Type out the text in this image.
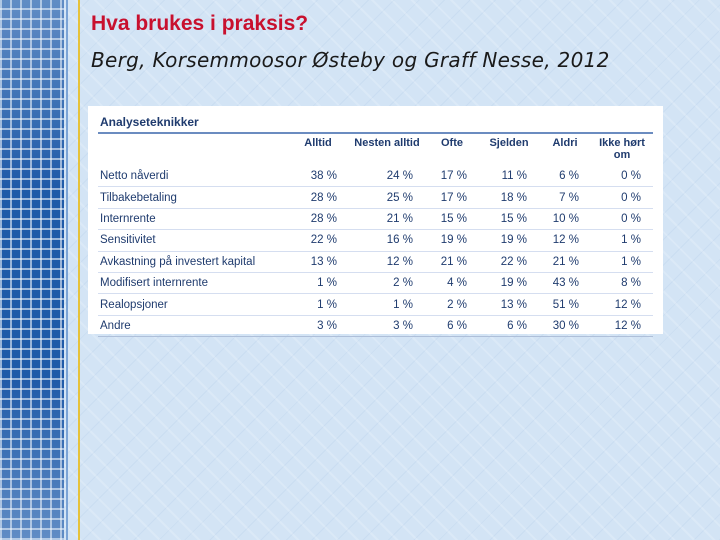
Hva brukes i praksis?
Berg, Korsemmoosor Østeby og Graff Nesse, 2012
Analyseteknikker
	Alltid	Nesten alltid	Ofte	Sjelden	Aldri	Ikke hørt om
Netto nåverdi	38 %	24 %	17 %	11 %	6 %	0 %
Tilbakebetaling	28 %	25 %	17 %	18 %	7 %	0 %
Internrente	28 %	21 %	15 %	15 %	10 %	0 %
Sensitivitet	22 %	16 %	19 %	19 %	12 %	1 %
Avkastning på investert kapital	13 %	12 %	21 %	22 %	21 %	1 %
Modifisert internrente	1 %	2 %	4 %	19 %	43 %	8 %
Realopsjoner	1 %	1 %	2 %	13 %	51 %	12 %
Andre	3 %	3 %	6 %	6 %	30 %	12 %
